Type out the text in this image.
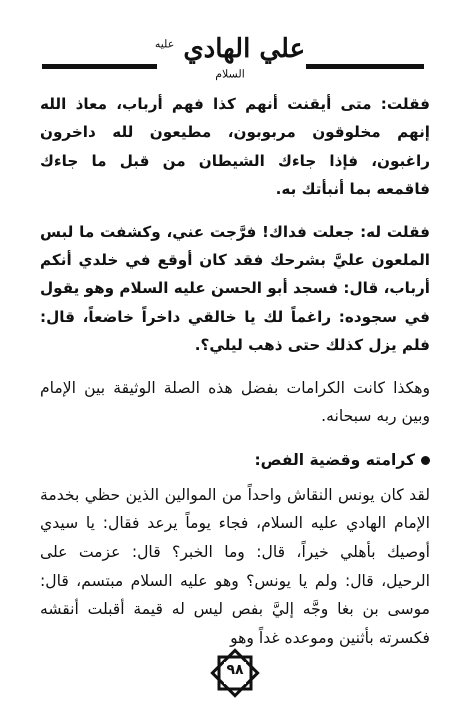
علي الهادي $^{عليه السلام}$

فقلت: متى أيقنت أنهم كذا فهم أرباب، معاذ الله إنهم مخلوقون مربوبون، مطيعون لله داخرون راغبون، فإذا جاءك الشيطان من قبل ما جاءك فاقمعه بما أنبأتك به.

فقلت له: جعلت فداك! فرَّجت عني، وكشفت ما لبس الملعون عليَّ بشرحك فقد كان أوقع في خلدي أنكم أرباب، قال: فسجد أبو الحسن عليه السلام وهو يقول في سجوده: راغماً لك يا خالقي داخراً خاضعاً، قال: فلم يزل كذلك حتى ذهب ليلي؟.

وهكذا كانت الكرامات بفضل هذه الصلة الوثيقة بين الإمام وبين ربه سبحانه.

كرامته وقضية الفص:

لقد كان يونس النقاش واحداً من الموالين الذين حظي بخدمة الإمام الهادي عليه السلام، فجاء يوماً يرعد فقال: يا سيدي أوصيك بأهلي خيراً، قال: وما الخبر؟ قال: عزمت على الرحيل، قال: ولم يا يونس؟ وهو عليه السلام مبتسم، قال: موسى بن بغا وجَّه إليَّ بفص ليس له قيمة أقبلت أنقشه فكسرته بأثنين وموعده غداً وهو

٩٨
